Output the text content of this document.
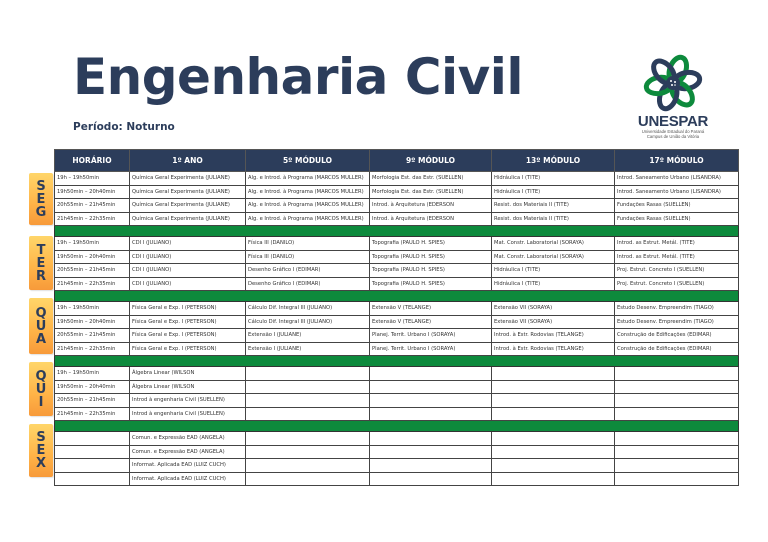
Engenharia Civil
Período: Noturno	UNESPAR
Universidade Estadual do Paraná
Campus de União da Vitória
S
E
G
T
E
R
Q
U
A
Q
U
I
S
E
X
HORÁRIO	1º ANO	5º MÓDULO	9º MÓDULO	13º MÓDULO	17º MÓDULO
19h – 19h50min	Química Geral Experimenta (JULIANE)	Alg. e Introd. à Programa (MARCOS MULLER)	Morfologia Est. das Estr. (SUELLEN)	Hidráulica I (TITE)	Introd. Saneamento Urbano (LISANDRA)
19h50min – 20h40min	Química Geral Experimenta (JULIANE)	Alg. e Introd. à Programa (MARCOS MULLER)	Morfologia Est. das Estr. (SUELLEN)	Hidráulica I (TITE)	Introd. Saneamento Urbano (LISANDRA)
20h55min – 21h45min	Química Geral Experimenta (JULIANE)	Alg. e Introd. à Programa (MARCOS MULLER)	Introd. à Arquitetura (EDERSON	Resist. dos Materiais II (TITE)	Fundações Rasas (SUELLEN)
21h45min – 22h35min	Química Geral Experimenta (JULIANE)	Alg. e Introd. à Programa (MARCOS MULLER)	Introd. à Arquitetura (EDERSON	Resist. dos Materiais II (TITE)	Fundações Rasas (SUELLEN)

19h – 19h50min	CDI I (JULIANO)	Física III (DANILO)	Topografia (PAULO H. SPIES)	Mat. Constr. Laboratorial (SORAYA)	Introd. as Estrut. Metál. (TITE)
19h50min – 20h40min	CDI I (JULIANO)	Física III (DANILO)	Topografia (PAULO H. SPIES)	Mat. Constr. Laboratorial (SORAYA)	Introd. as Estrut. Metál. (TITE)
20h55min – 21h45min	CDI I (JULIANO)	Desenho Gráfico I (EDIMAR)	Topografia (PAULO H. SPIES)	Hidráulica I (TITE)	Proj. Estrut. Concreto I (SUELLEN)
21h45min – 22h35min	CDI I (JULIANO)	Desenho Gráfico I (EDIMAR)	Topografia (PAULO H. SPIES)	Hidráulica I (TITE)	Proj. Estrut. Concreto I (SUELLEN)

19h – 19h50min	Física Geral e Exp. I (PETERSON)	Cálculo Dif. Integral III (JULIANO)	Extensão V (TELANGE)	Extensão VII (SORAYA)	Estudo Desenv. Empreendim (TIAGO)
19h50min – 20h40min	Física Geral e Exp. I (PETERSON)	Cálculo Dif. Integral III (JULIANO)	Extensão V (TELANGE)	Extensão VII (SORAYA)	Estudo Desenv. Empreendim (TIAGO)
20h55min – 21h45min	Física Geral e Exp. I (PETERSON)	Extensão I (JULIANE)	Planej. Territ. Urbano I (SORAYA)	Introd. à Estr. Rodovias (TELANGE)	Construção de Edificações (EDIMAR)
21h45min – 22h35min	Física Geral e Exp. I (PETERSON)	Extensão I (JULIANE)	Planej. Territ. Urbano I (SORAYA)	Introd. à Estr. Rodovias (TELANGE)	Construção de Edificações (EDIMAR)

19h – 19h50min	Álgebra Linear (WILSON				
19h50min – 20h40min	Álgebra Linear (WILSON				
20h55min – 21h45min	Introd à engenharia Civil (SUELLEN)				
21h45min – 22h35min	Introd à engenharia Civil (SUELLEN)				

	Comun. e Expressão EAD (ANGELA)				
	Comun. e Expressão EAD (ANGELA)				
	Informat. Aplicada EAD (LUIZ CUCH)				
	Informat. Aplicada EAD (LUIZ CUCH)				
